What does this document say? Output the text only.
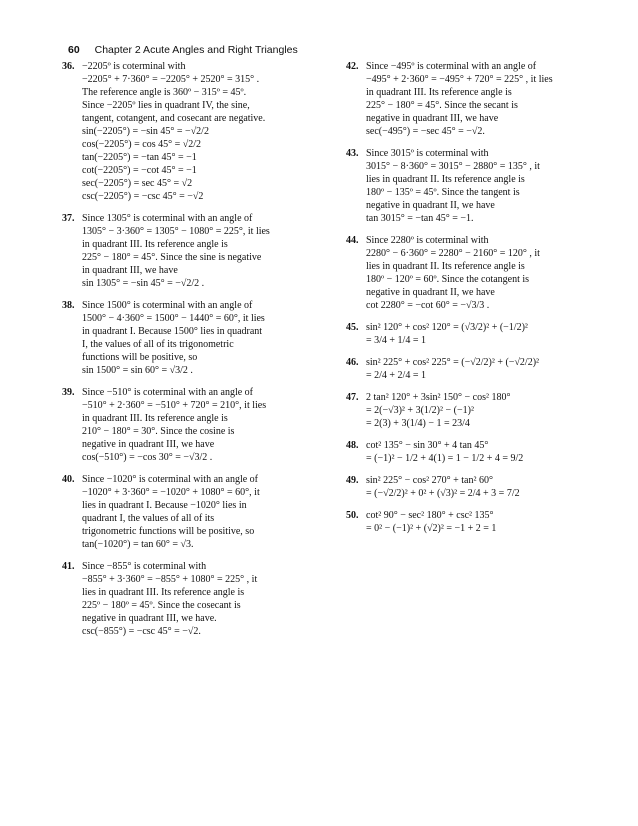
60 Chapter 2 Acute Angles and Right Triangles
36. −2205º is coterminal with
−2205° + 7·360° = −2205° + 2520° = 315° .
The reference angle is 360º − 315º = 45º.
Since −2205º lies in quadrant IV, the sine,
tangent, cotangent, and cosecant are negative.
sin(−2205°) = −sin 45° = −√2/2
cos(−2205°) = cos 45° = √2/2
tan(−2205°) = −tan 45° = −1
cot(−2205°) = −cot 45° = −1
sec(−2205°) = sec 45° = √2
csc(−2205°) = −csc 45° = −√2
37. Since 1305° is coterminal with an angle of
1305° − 3·360° = 1305° − 1080° = 225°, it lies
in quadrant III. Its reference angle is
225° − 180° = 45°. Since the sine is negative
in quadrant III, we have
sin 1305° = −sin 45° = −√2/2 .
38. Since 1500° is coterminal with an angle of
1500° − 4·360° = 1500° − 1440° = 60°, it lies
in quadrant I. Because 1500° lies in quadrant
I, the values of all of its trigonometric
functions will be positive, so
sin 1500° = sin 60° = √3/2 .
39. Since −510° is coterminal with an angle of
−510° + 2·360° = −510° + 720° = 210°, it lies
in quadrant III. Its reference angle is
210° − 180° = 30°. Since the cosine is
negative in quadrant III, we have
cos(−510°) = −cos 30° = −√3/2 .
40. Since −1020° is coterminal with an angle of
−1020° + 3·360° = −1020° + 1080° = 60°, it
lies in quadrant I. Because −1020° lies in
quadrant I, the values of all of its
trigonometric functions will be positive, so
tan(−1020°) = tan 60° = √3.
41. Since −855° is coterminal with
−855° + 3·360° = −855° + 1080° = 225° , it
lies in quadrant III. Its reference angle is
225º − 180º = 45º. Since the cosecant is
negative in quadrant III, we have.
csc(−855°) = −csc 45° = −√2.
42. Since −495º is coterminal with an angle of
−495° + 2·360° = −495° + 720° = 225° , it lies
in quadrant III. Its reference angle is
225° − 180° = 45°. Since the secant is
negative in quadrant III, we have
sec(−495°) = −sec 45° = −√2.
43. Since 3015º is coterminal with
3015° − 8·360° = 3015° − 2880° = 135° , it
lies in quadrant II. Its reference angle is
180º − 135º = 45º. Since the tangent is
negative in quadrant II, we have
tan 3015° = −tan 45° = −1.
44. Since 2280º is coterminal with
2280° − 6·360° = 2280° − 2160° = 120° , it
lies in quadrant II. Its reference angle is
180º − 120º = 60º. Since the cotangent is
negative in quadrant II, we have
cot 2280° = −cot 60° = −√3/3 .
45. sin² 120° + cos² 120° = (√3/2)² + (−1/2)²
= 3/4 + 1/4 = 1
46. sin² 225° + cos² 225° = (−√2/2)² + (−√2/2)²
= 2/4 + 2/4 = 1
47. 2 tan² 120° + 3sin² 150° − cos² 180°
= 2(−√3)² + 3(1/2)² − (−1)²
= 2(3) + 3(1/4) − 1 = 23/4
48. cot² 135° − sin 30° + 4 tan 45°
= (−1)² − 1/2 + 4(1) = 1 − 1/2 + 4 = 9/2
49. sin² 225° − cos² 270° + tan² 60°
= (−√2/2)² + 0² + (√3)² = 2/4 + 3 = 7/2
50. cot² 90° − sec² 180° + csc² 135°
= 0² − (−1)² + (√2)² = −1 + 2 = 1
